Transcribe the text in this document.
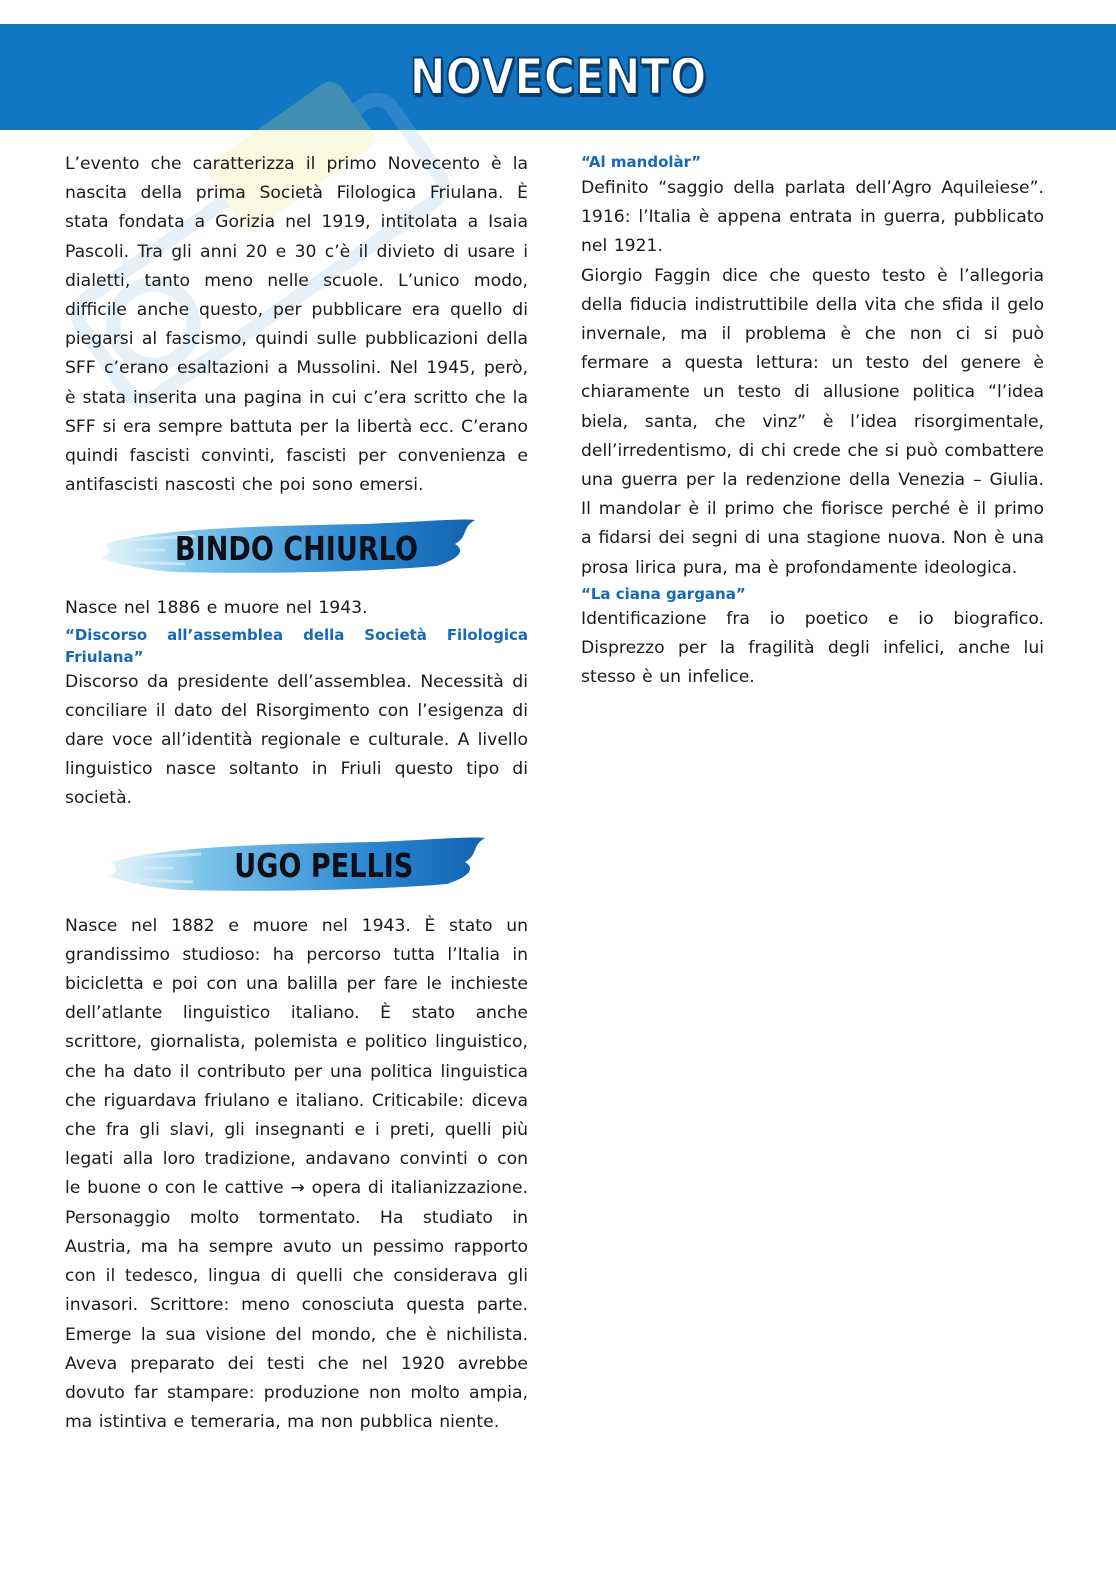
NOVECENTO

L’evento che caratterizza il primo Novecento è la nascita della prima Società Filologica Friulana. È stata fondata a Gorizia nel 1919, intitolata a Isaia Pascoli. Tra gli anni 20 e 30 c’è il divieto di usare i dialetti, tanto meno nelle scuole. L’unico modo, difficile anche questo, per pubblicare era quello di piegarsi al fascismo, quindi sulle pubblicazioni della SFF c’erano esaltazioni a Mussolini. Nel 1945, però, è stata inserita una pagina in cui c’era scritto che la SFF si era sempre battuta per la libertà ecc. C’erano quindi fascisti convinti, fascisti per convenienza e antifascisti nascosti che poi sono emersi.

BINDO CHIURLO

Nasce nel 1886 e muore nel 1943.

“Discorso all’assemblea della Società Filologica Friulana”

Discorso da presidente dell’assemblea. Necessità di conciliare il dato del Risorgimento con l’esigenza di dare voce all’identità regionale e culturale. A livello linguistico nasce soltanto in Friuli questo tipo di società.

UGO PELLIS

Nasce nel 1882 e muore nel 1943. È stato un grandissimo studioso: ha percorso tutta l’Italia in bicicletta e poi con una balilla per fare le inchieste dell’atlante linguistico italiano. È stato anche scrittore, giornalista, polemista e politico linguistico, che ha dato il contributo per una politica linguistica che riguardava friulano e italiano. Criticabile: diceva che fra gli slavi, gli insegnanti e i preti, quelli più legati alla loro tradizione, andavano convinti o con le buone o con le cattive → opera di italianizzazione. Personaggio molto tormentato. Ha studiato in Austria, ma ha sempre avuto un pessimo rapporto con il tedesco, lingua di quelli che considerava gli invasori. Scrittore: meno conosciuta questa parte. Emerge la sua visione del mondo, che è nichilista. Aveva preparato dei testi che nel 1920 avrebbe dovuto far stampare: produzione non molto ampia, ma istintiva e temeraria, ma non pubblica niente.

“Al mandolàr”

Definito “saggio della parlata dell’Agro Aquileiese”. 1916: l’Italia è appena entrata in guerra, pubblicato nel 1921.

Giorgio Faggin dice che questo testo è l’allegoria della fiducia indistruttibile della vita che sfida il gelo invernale, ma il problema è che non ci si può fermare a questa lettura: un testo del genere è chiaramente un testo di allusione politica “l’idea biela, santa, che vinz” è l’idea risorgimentale, dell’irredentismo, di chi crede che si può combattere una guerra per la redenzione della Venezia – Giulia. Il mandolar è il primo che fiorisce perché è il primo a fidarsi dei segni di una stagione nuova. Non è una prosa lirica pura, ma è profondamente ideologica.

“La ciana gargana”

Identificazione fra io poetico e io biografico. Disprezzo per la fragilità degli infelici, anche lui stesso è un infelice.
